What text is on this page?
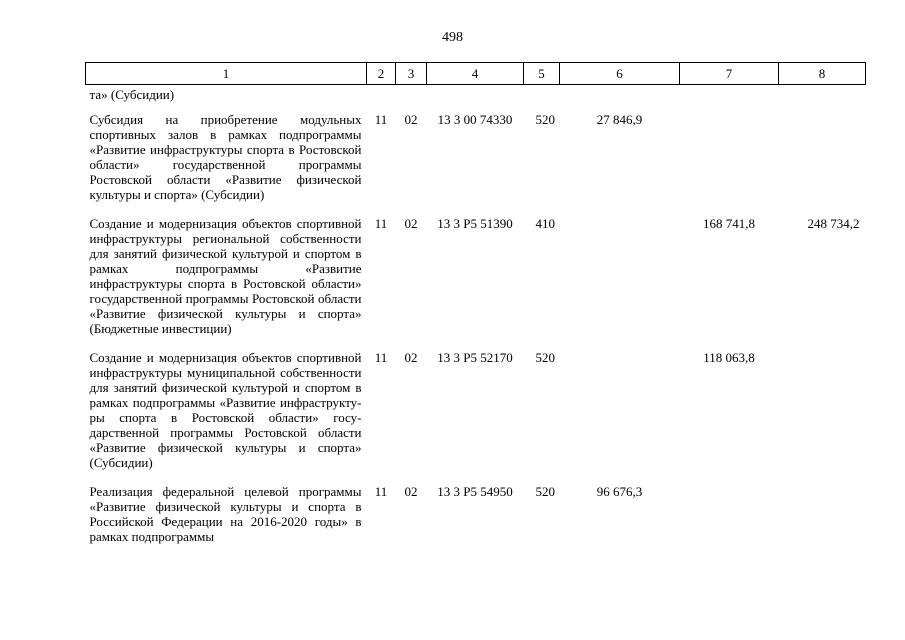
498
1	2	3	4	5	6	7	8
та» (Субсидии)							
Субсидия на приобретение модульных спортивных залов в рамках подпрограммы «Развитие инфраструктуры спорта в Ростовской области» государственной программы Ростовской области «Развитие физической культуры и спорта» (Субсидии)	11	02	13 3 00 74330	520	27 846,9		
Создание и модернизация объектов спортивной инфраструктуры региональной собственности для занятий физической культурой и спортом в рамках подпрограммы «Развитие инфраструктуры спорта в Ростовской области» государственной программы Ростовской области «Развитие физической культуры и спорта» (Бюджетные инвестиции)	11	02	13 3 P5 51390	410		168 741,8	248 734,2
Создание и модернизация объектов спортивной инфраструктуры муниципальной собственности для занятий физической культурой и спортом в рамках подпрограммы «Развитие инфраструктуры спорта в Ростовской области» государственной программы Ростовской области «Развитие физической культуры и спорта» (Субсидии)	11	02	13 3 P5 52170	520		118 063,8	
Реализация федеральной целевой программы «Развитие физической культуры и спорта в Российской Федерации на 2016-2020 годы» в рамках подпрограммы	11	02	13 3 P5 54950	520	96 676,3		
